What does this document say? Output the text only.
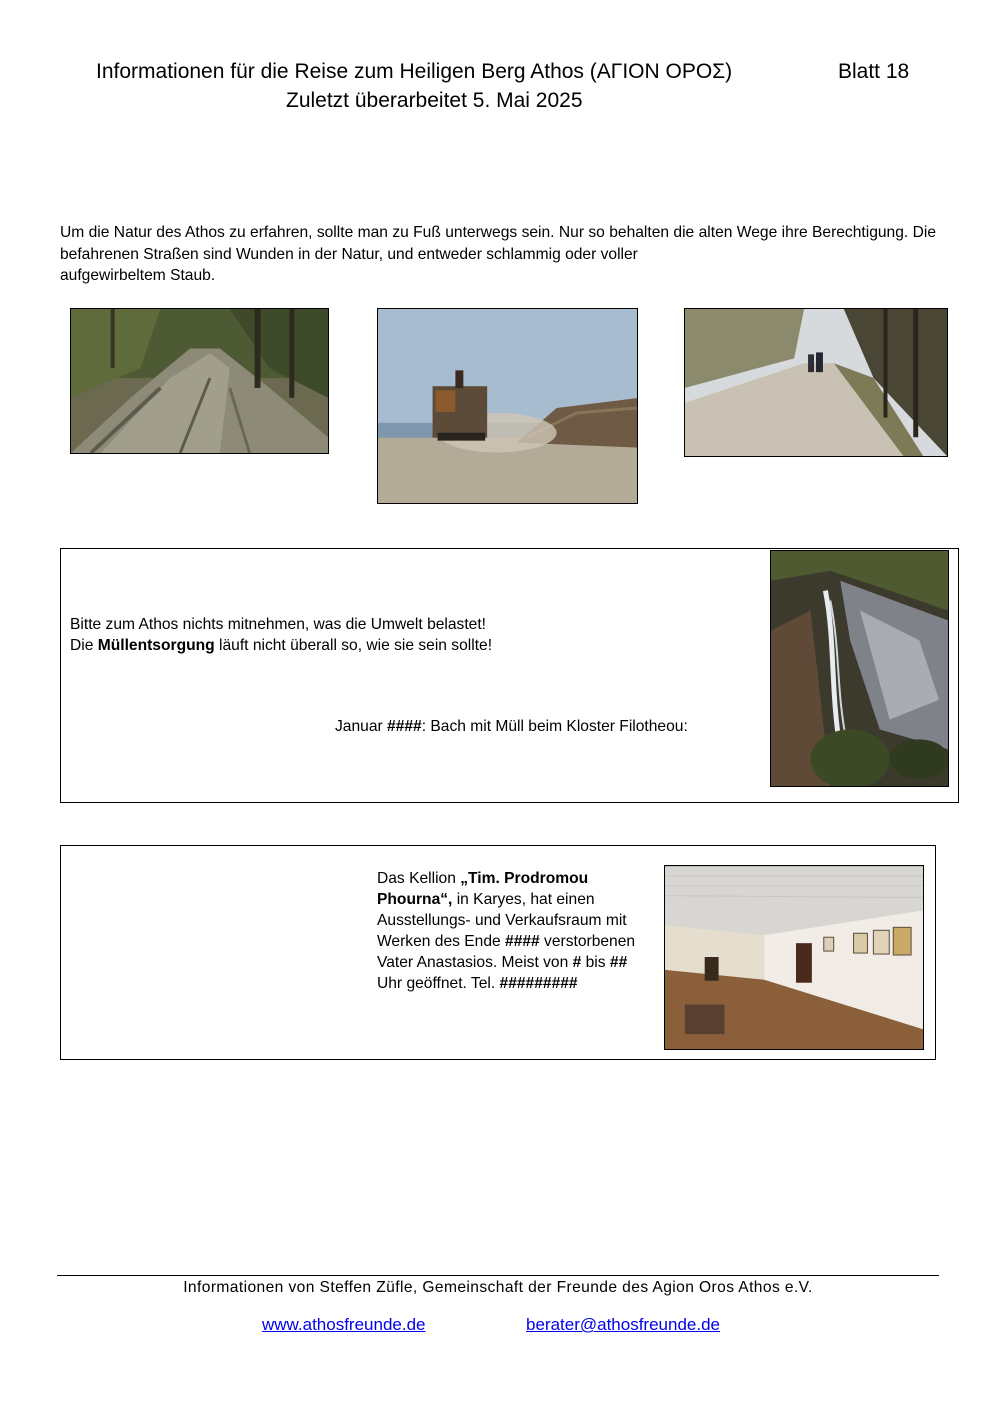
Informationen für die Reise zum Heiligen Berg Athos (ΑΓΙΟΝ ΟΡΟΣ)	Blatt 18
Zuletzt überarbeitet 5. Mai 2025
Um die Natur des Athos zu erfahren, sollte man zu Fuß unterwegs sein. Nur so behalten die alten Wege ihre Berechtigung. Die befahrenen Straßen sind Wunden in der Natur, und entweder schlammig oder voller
aufgewirbeltem Staub.
Bitte zum Athos nichts mitnehmen, was die Umwelt belastet!
Die Müllentsorgung läuft nicht überall so, wie sie sein sollte!
Januar ####: Bach mit Müll beim Kloster Filotheou:
Das Kellion „Tim. Prodromou Phourna“, in Karyes, hat einen Ausstellungs- und Verkaufsraum mit Werken des Ende #### verstorbenen Vater Anastasios. Meist von # bis ## Uhr geöffnet. Tel. #########
Informationen von Steffen Züfle, Gemeinschaft der Freunde des Agion Oros Athos e.V.
www.athosfreunde.de	berater@athosfreunde.de
